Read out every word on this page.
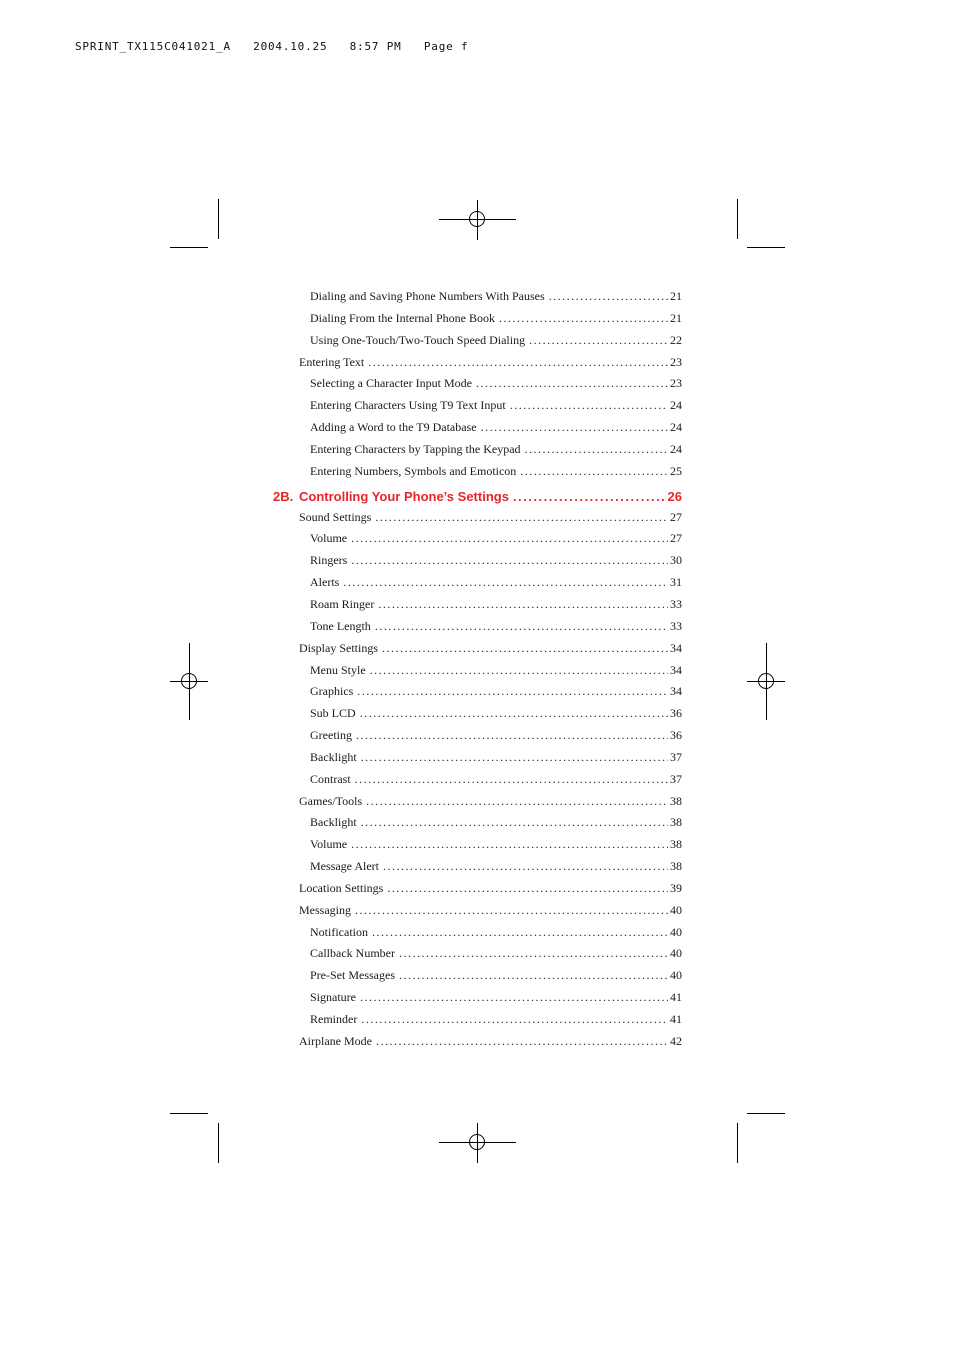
SPRINT_TX115C041021_A   2004.10.25   8:57 PM   Page f
Dialing and Saving Phone Numbers With Pauses .....	21
Dialing From the Internal Phone Book .....	21
Using One-Touch/Two-Touch Speed Dialing .....	22
Entering Text .....	23
Selecting a Character Input Mode .....	23
Entering Characters Using T9 Text Input .....	24
Adding a Word to the T9 Database .....	24
Entering Characters by Tapping the Keypad .....	24
Entering Numbers, Symbols and Emoticon .....	25
2B. Controlling Your Phone’s Settings .....	26
Sound Settings .....	27
Volume .....	27
Ringers .....	30
Alerts .....	31
Roam Ringer .....	33
Tone Length .....	33
Display Settings .....	34
Menu Style .....	34
Graphics .....	34
Sub LCD .....	36
Greeting .....	36
Backlight .....	37
Contrast .....	37
Games/Tools .....	38
Backlight .....	38
Volume .....	38
Message Alert .....	38
Location Settings .....	39
Messaging .....	40
Notification .....	40
Callback Number .....	40
Pre-Set Messages .....	40
Signature .....	41
Reminder .....	41
Airplane Mode .....	42
